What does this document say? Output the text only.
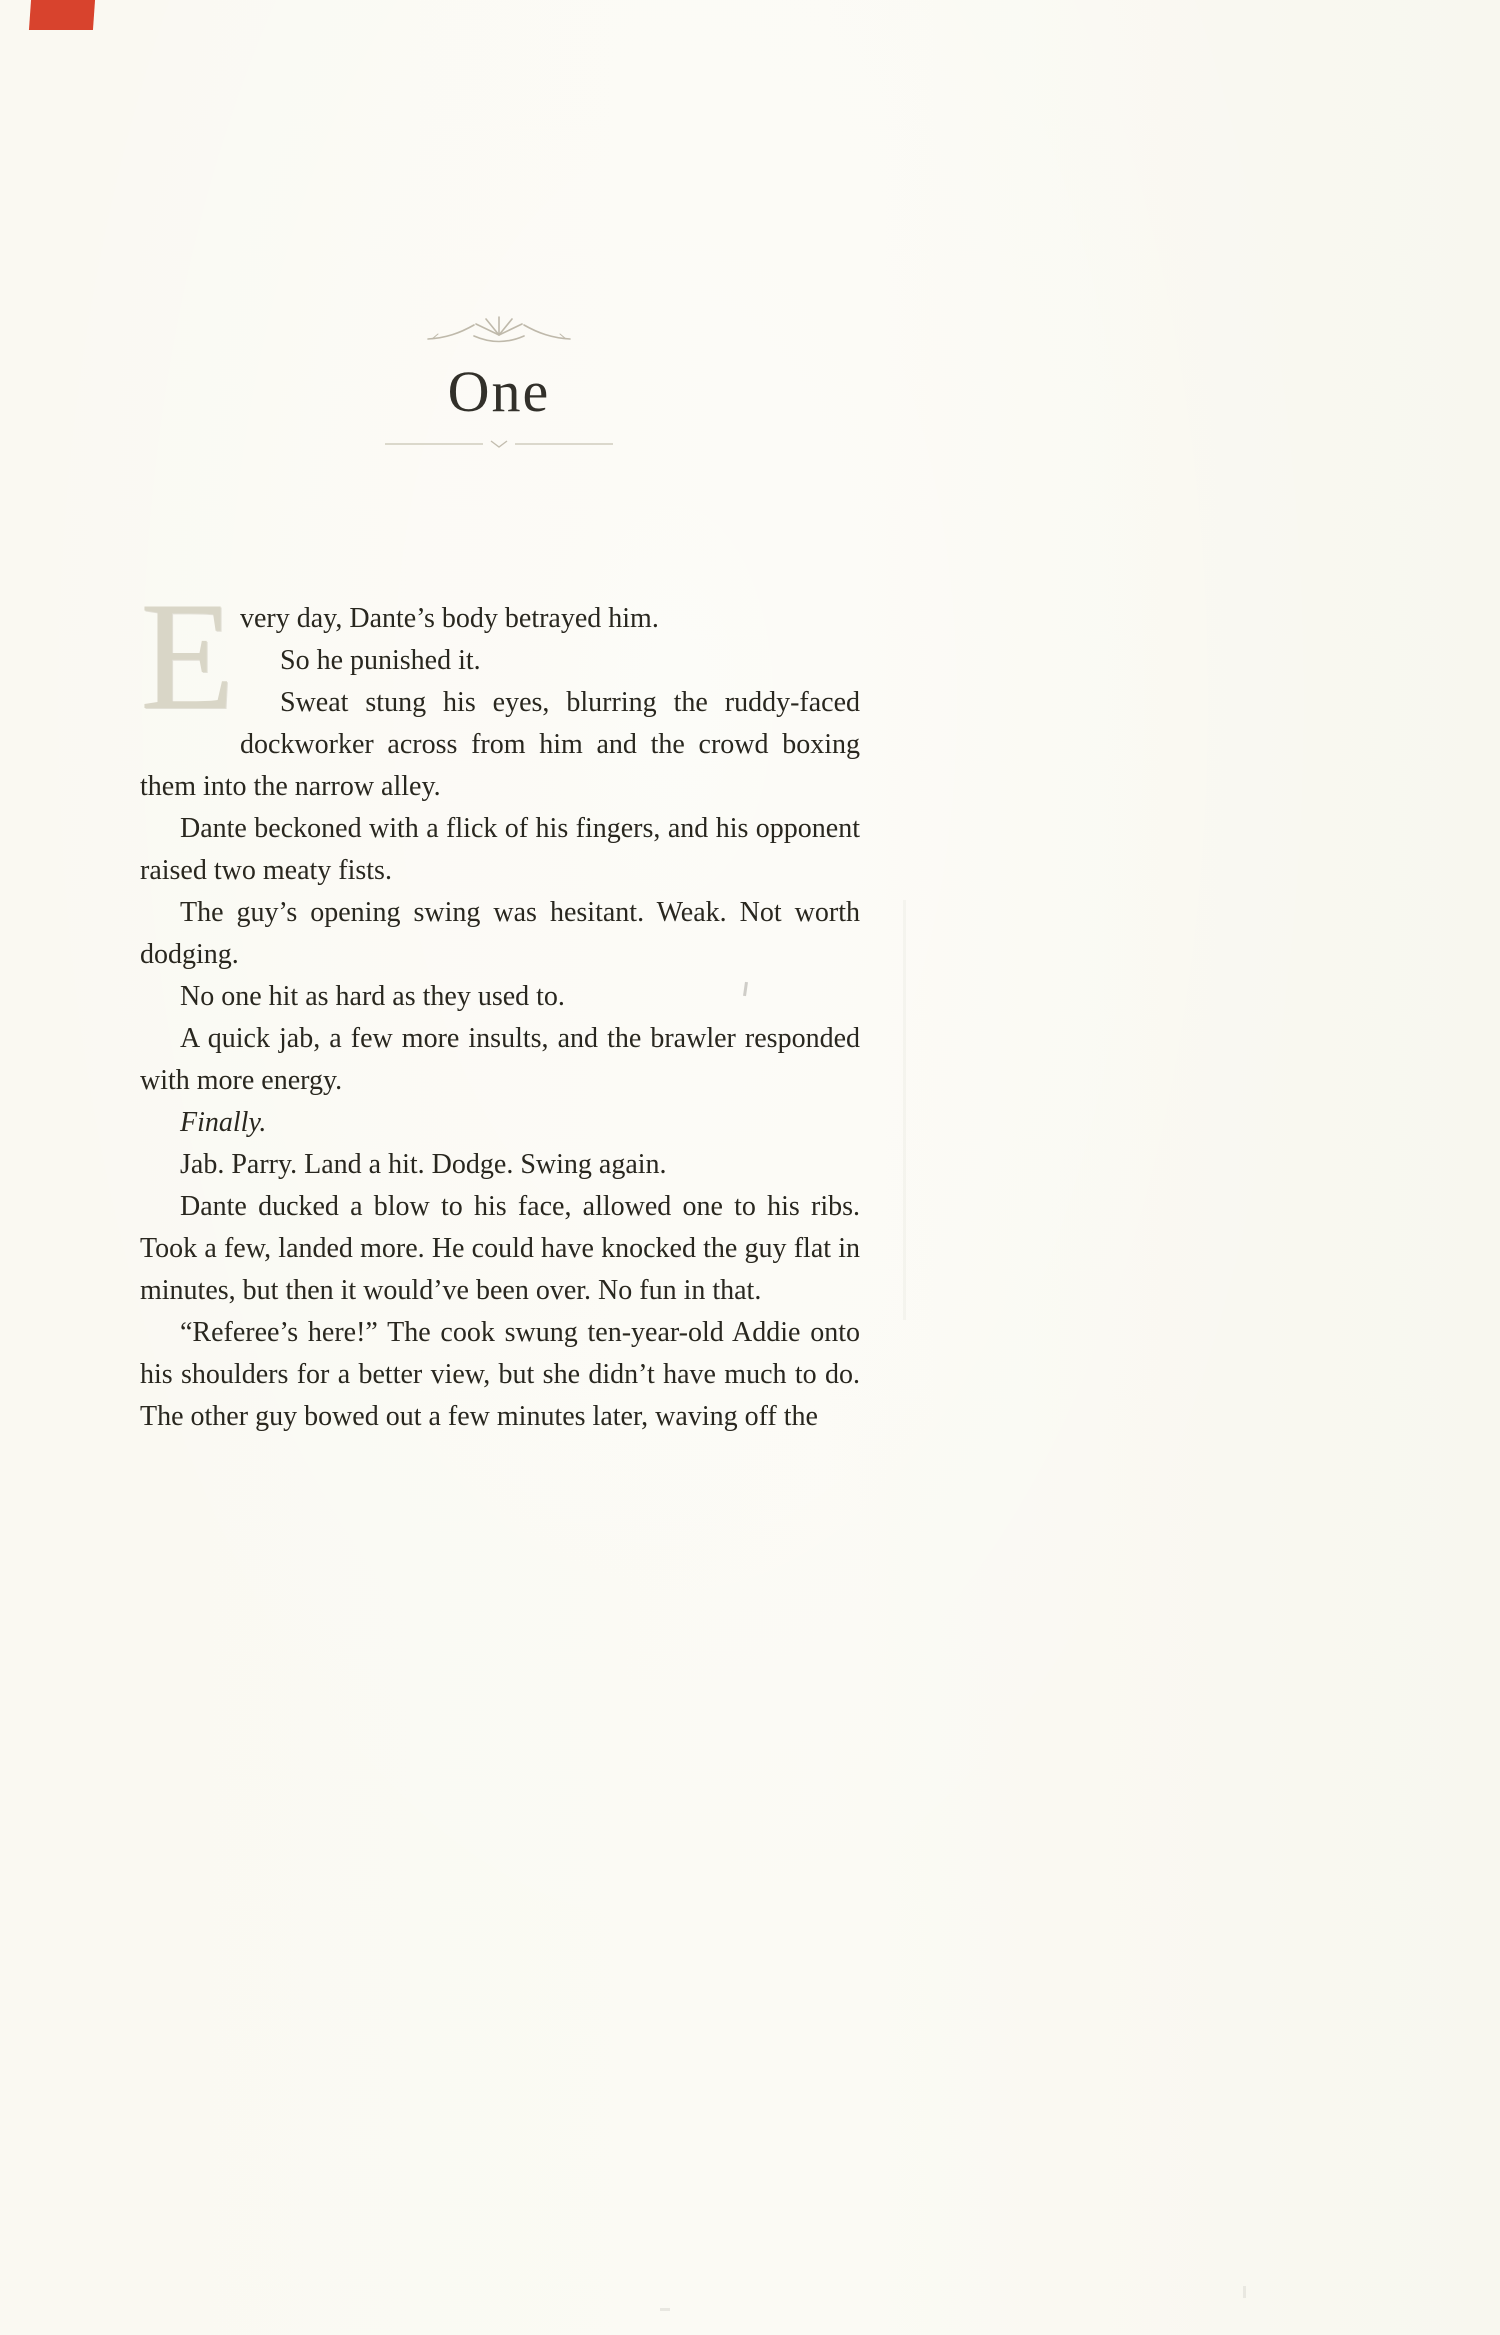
One
E very day, Dante’s body betrayed him.

So he punished it.

Sweat stung his eyes, blurring the ruddy-faced dockworker across from him and the crowd boxing them into the narrow alley.

Dante beckoned with a flick of his fingers, and his opponent raised two meaty fists.

The guy’s opening swing was hesitant. Weak. Not worth dodging.

No one hit as hard as they used to.

A quick jab, a few more insults, and the brawler responded with more energy.

Finally.

Jab. Parry. Land a hit. Dodge. Swing again.

Dante ducked a blow to his face, allowed one to his ribs. Took a few, landed more. He could have knocked the guy flat in minutes, but then it would’ve been over. No fun in that.

“Referee’s here!” The cook swung ten-year-old Addie onto his shoulders for a better view, but she didn’t have much to do. The other guy bowed out a few minutes later, waving off the
